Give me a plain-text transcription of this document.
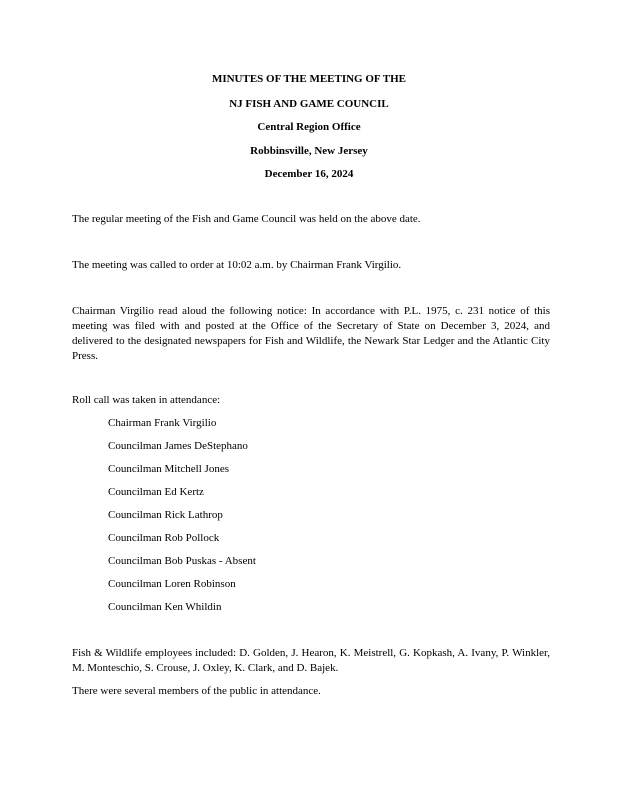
MINUTES OF THE MEETING OF THE
NJ FISH AND GAME COUNCIL
Central Region Office
Robbinsville, New Jersey
December 16, 2024
The regular meeting of the Fish and Game Council was held on the above date.
The meeting was called to order at 10:02 a.m. by Chairman Frank Virgilio.
Chairman Virgilio read aloud the following notice: In accordance with P.L. 1975, c. 231 notice of this meeting was filed with and posted at the Office of the Secretary of State on December 3, 2024, and delivered to the designated newspapers for Fish and Wildlife, the Newark Star Ledger and the Atlantic City Press.
Roll call was taken in attendance:
Chairman Frank Virgilio
Councilman James DeStephano
Councilman Mitchell Jones
Councilman Ed Kertz
Councilman Rick Lathrop
Councilman Rob Pollock
Councilman Bob Puskas - Absent
Councilman Loren Robinson
Councilman Ken Whildin
Fish & Wildlife employees included: D. Golden, J. Hearon, K. Meistrell, G. Kopkash, A. Ivany, P. Winkler, M. Monteschio, S. Crouse, J. Oxley, K. Clark, and D. Bajek.
There were several members of the public in attendance.
